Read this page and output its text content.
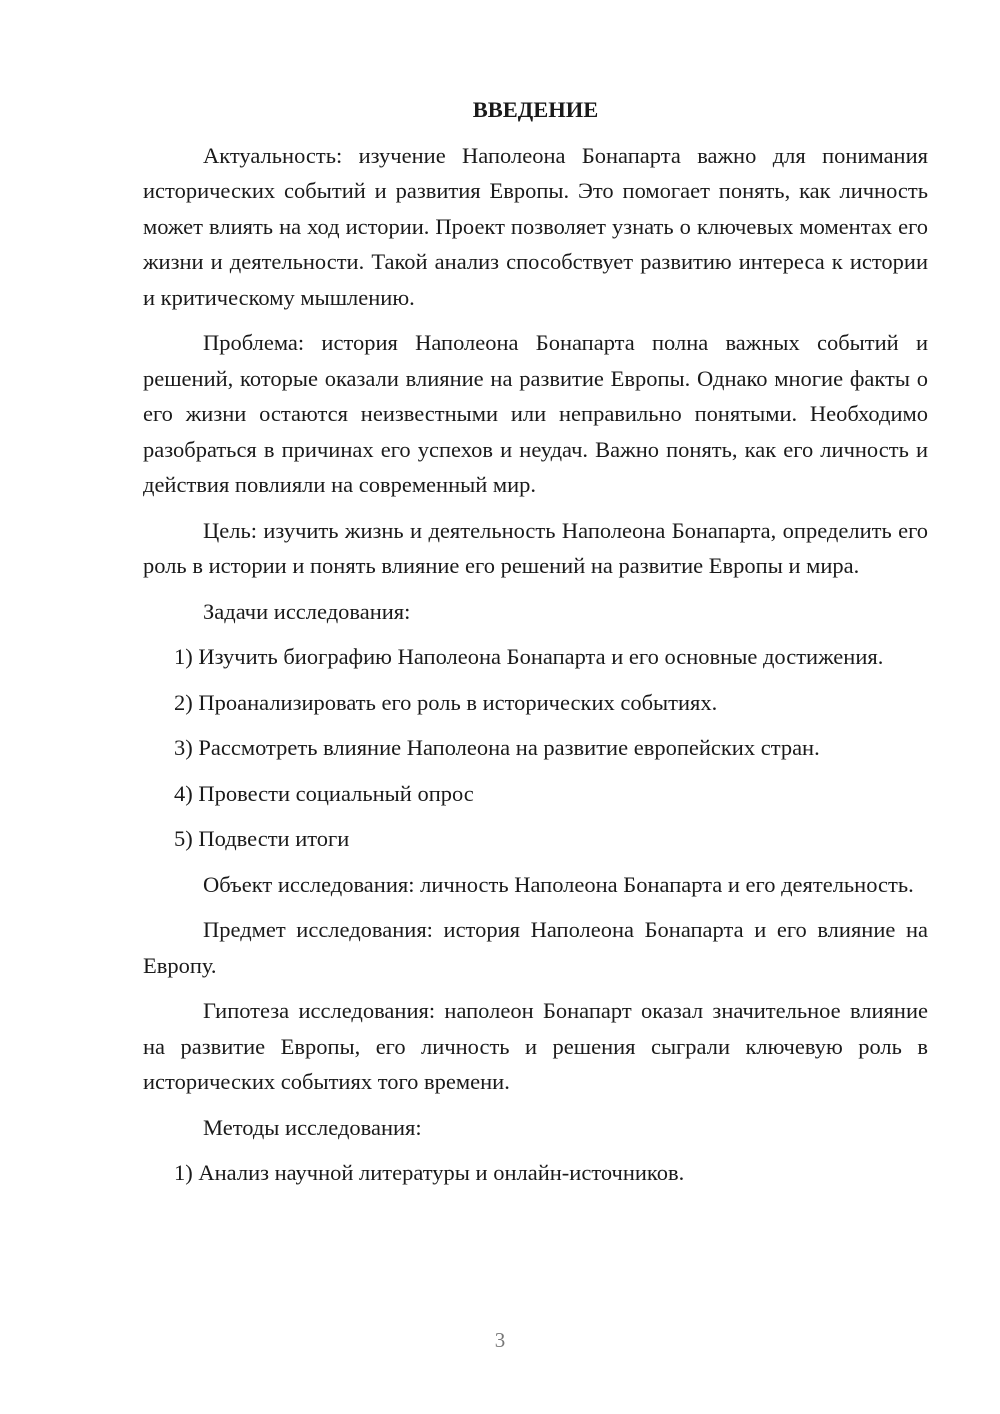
ВВЕДЕНИЕ

Актуальность: изучение Наполеона Бонапарта важно для понимания исторических событий и развития Европы. Это помогает понять, как личность может влиять на ход истории. Проект позволяет узнать о ключевых моментах его жизни и деятельности. Такой анализ способствует развитию интереса к истории и критическому мышлению.

Проблема: история Наполеона Бонапарта полна важных событий и решений, которые оказали влияние на развитие Европы. Однако многие факты о его жизни остаются неизвестными или неправильно понятыми. Необходимо разобраться в причинах его успехов и неудач. Важно понять, как его личность и действия повлияли на современный мир.

Цель: изучить жизнь и деятельность Наполеона Бонапарта, определить его роль в истории и понять влияние его решений на развитие Европы и мира.

Задачи исследования:

1) Изучить биографию Наполеона Бонапарта и его основные достижения.

2) Проанализировать его роль в исторических событиях.

3) Рассмотреть влияние Наполеона на развитие европейских стран.

4) Провести социальный опрос

5) Подвести итоги

Объект исследования: личность Наполеона Бонапарта и его деятельность.

Предмет исследования: история Наполеона Бонапарта и его влияние на Европу.

Гипотеза исследования: наполеон Бонапарт оказал значительное влияние на развитие Европы, его личность и решения сыграли ключевую роль в исторических событиях того времени.

Методы исследования:

1) Анализ научной литературы и онлайн-источников.

3
